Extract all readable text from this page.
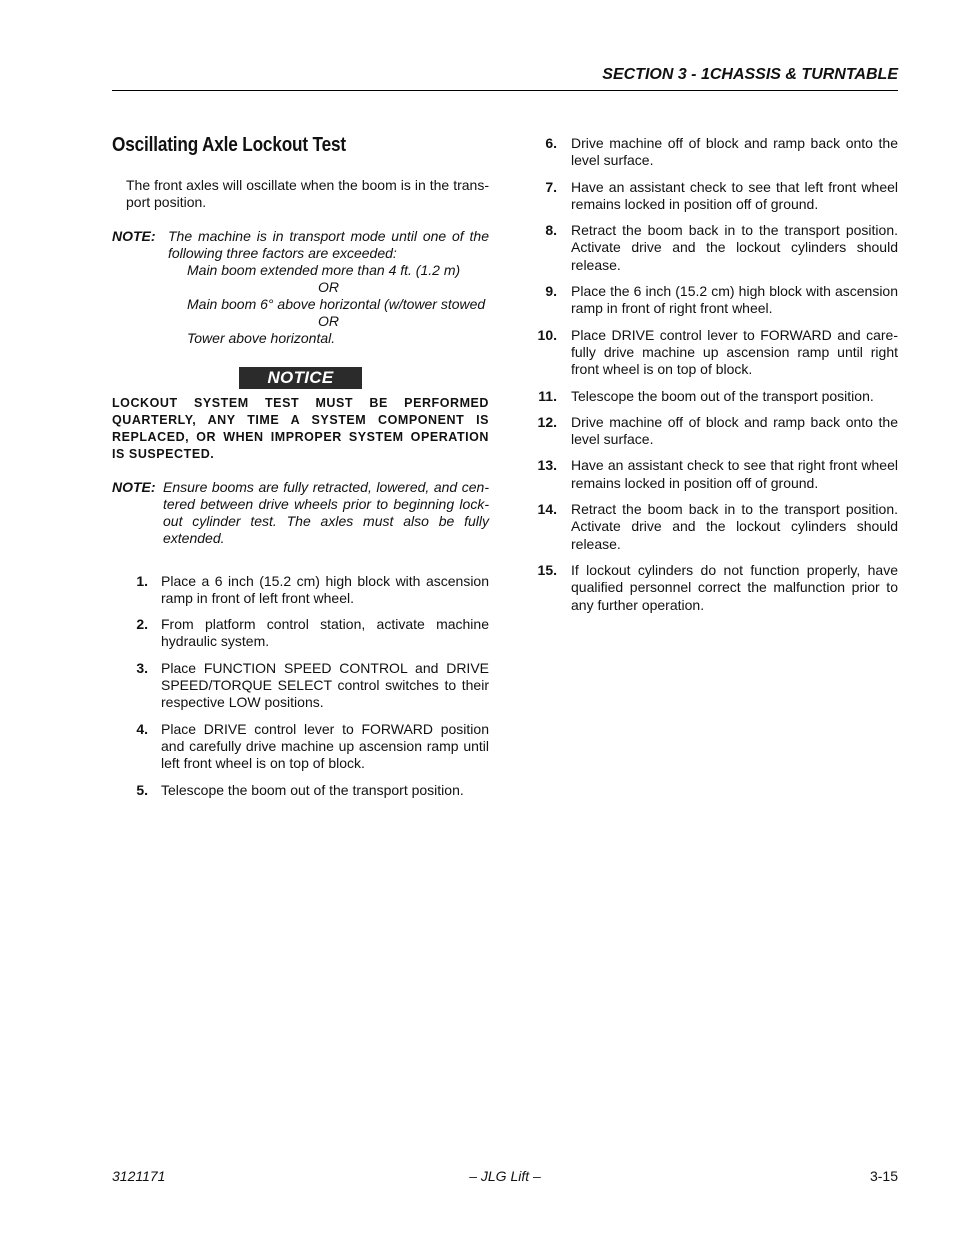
SECTION 3 - 1CHASSIS & TURNTABLE
Oscillating Axle Lockout Test

The front axles will oscillate when the boom is in the trans-port position.

NOTE: The machine is in transport mode until one of the following three factors are exceeded:
Main boom extended more than 4 ft. (1.2 m)
OR
Main boom 6° above horizontal (w/tower stowed
OR
Tower above horizontal.
NOTICE
LOCKOUT SYSTEM TEST MUST BE PERFORMED QUARTERLY, ANY TIME A SYSTEM COMPONENT IS REPLACED, OR WHEN IMPROPER SYSTEM OPERATION IS SUSPECTED.
NOTE: Ensure booms are fully retracted, lowered, and cen-tered between drive wheels prior to beginning lock-out cylinder test. The axles must also be fully extended.
1. Place a 6 inch (15.2 cm) high block with ascension ramp in front of left front wheel.
2. From platform control station, activate machine hydraulic system.
3. Place FUNCTION SPEED CONTROL and DRIVE SPEED/TORQUE SELECT control switches to their respective LOW positions.
4. Place DRIVE control lever to FORWARD position and carefully drive machine up ascension ramp until left front wheel is on top of block.
5. Telescope the boom out of the transport position.
6. Drive machine off of block and ramp back onto the level surface.
7. Have an assistant check to see that left front wheel remains locked in position off of ground.
8. Retract the boom back in to the transport position. Activate drive and the lockout cylinders should release.
9. Place the 6 inch (15.2 cm) high block with ascension ramp in front of right front wheel.
10. Place DRIVE control lever to FORWARD and care-fully drive machine up ascension ramp until right front wheel is on top of block.
11. Telescope the boom out of the transport position.
12. Drive machine off of block and ramp back onto the level surface.
13. Have an assistant check to see that right front wheel remains locked in position off of ground.
14. Retract the boom back in to the transport position. Activate drive and the lockout cylinders should release.
15. If lockout cylinders do not function properly, have qualified personnel correct the malfunction prior to any further operation.
3121171	– JLG Lift –	3-15
